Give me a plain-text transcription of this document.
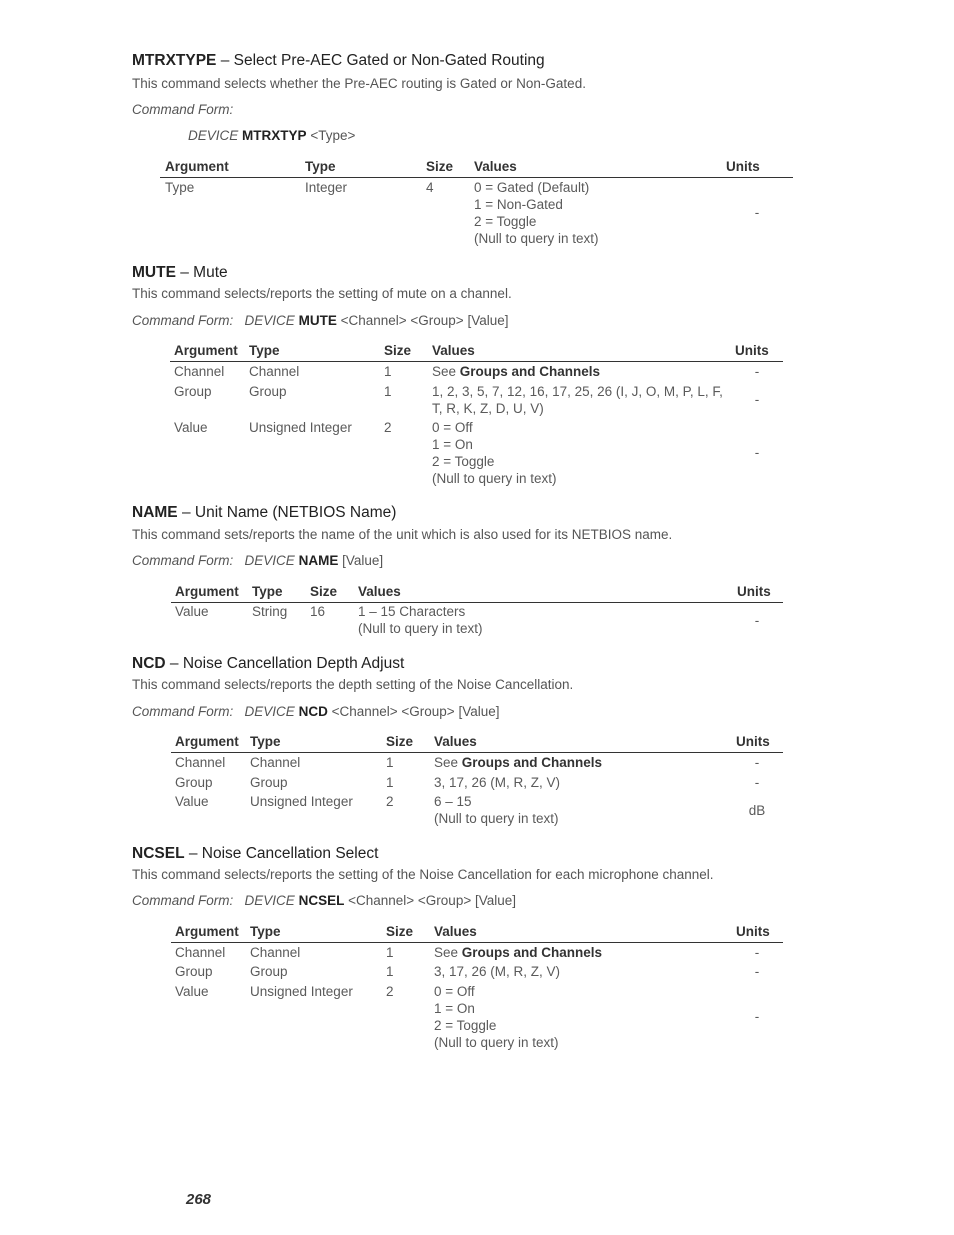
MTRXTYPE – Select Pre-AEC Gated or Non-Gated Routing
This command selects whether the Pre-AEC routing is Gated or Non-Gated.
Command Form:
DEVICE MTRXTYP <Type>
Argument	Type	Size Values	Units
Type	Integer	4	0 = Gated (Default)
1 = Non-Gated
2 = Toggle
(Null to query in text)
-
MUTE – Mute
This command selects/reports the setting of mute on a channel.
Command Form: DEVICE MUTE <Channel> <Group> [Value]
Argument Type	Size Values	Units
Channel Channel	1	See Groups and Channels	-
Group	Group	1	1, 2, 3, 5, 7, 12, 16, 17, 25, 26 (I, J, O, M, P, L, F,
T, R, K, Z, D, U, V)
-
Value	Unsigned Integer 2	0 = Off
1 = On
2 = Toggle
(Null to query in text)
-
NAME – Unit Name (NETBIOS Name)
This command sets/reports the name of the unit which is also used for its NETBIOS name.
Command Form: DEVICE NAME [Value]
Argument Type Size Values	Units
Value	String 16 1 – 15 Characters
(Null to query in text)
-
NCD – Noise Cancellation Depth Adjust
This command selects/reports the depth setting of the Noise Cancellation.
Command Form: DEVICE NCD <Channel> <Group> [Value]
Argument Type	Size Values	Units
Channel Channel	1	See Groups and Channels	-
Group	Group	1	3, 17, 26 (M, R, Z, V)	-
Value	Unsigned Integer 2	6 – 15
(Null to query in text)
dB
NCSEL – Noise Cancellation Select
This command selects/reports the setting of the Noise Cancellation for each microphone channel.
Command Form: DEVICE NCSEL <Channel> <Group> [Value]
Argument Type	Size Values	Units
Channel Channel	1	See Groups and Channels	-
Group	Group	1	3, 17, 26 (M, R, Z, V)	-
Value	Unsigned Integer 2	0 = Off
1 = On
2 = Toggle
(Null to query in text)
-
268
